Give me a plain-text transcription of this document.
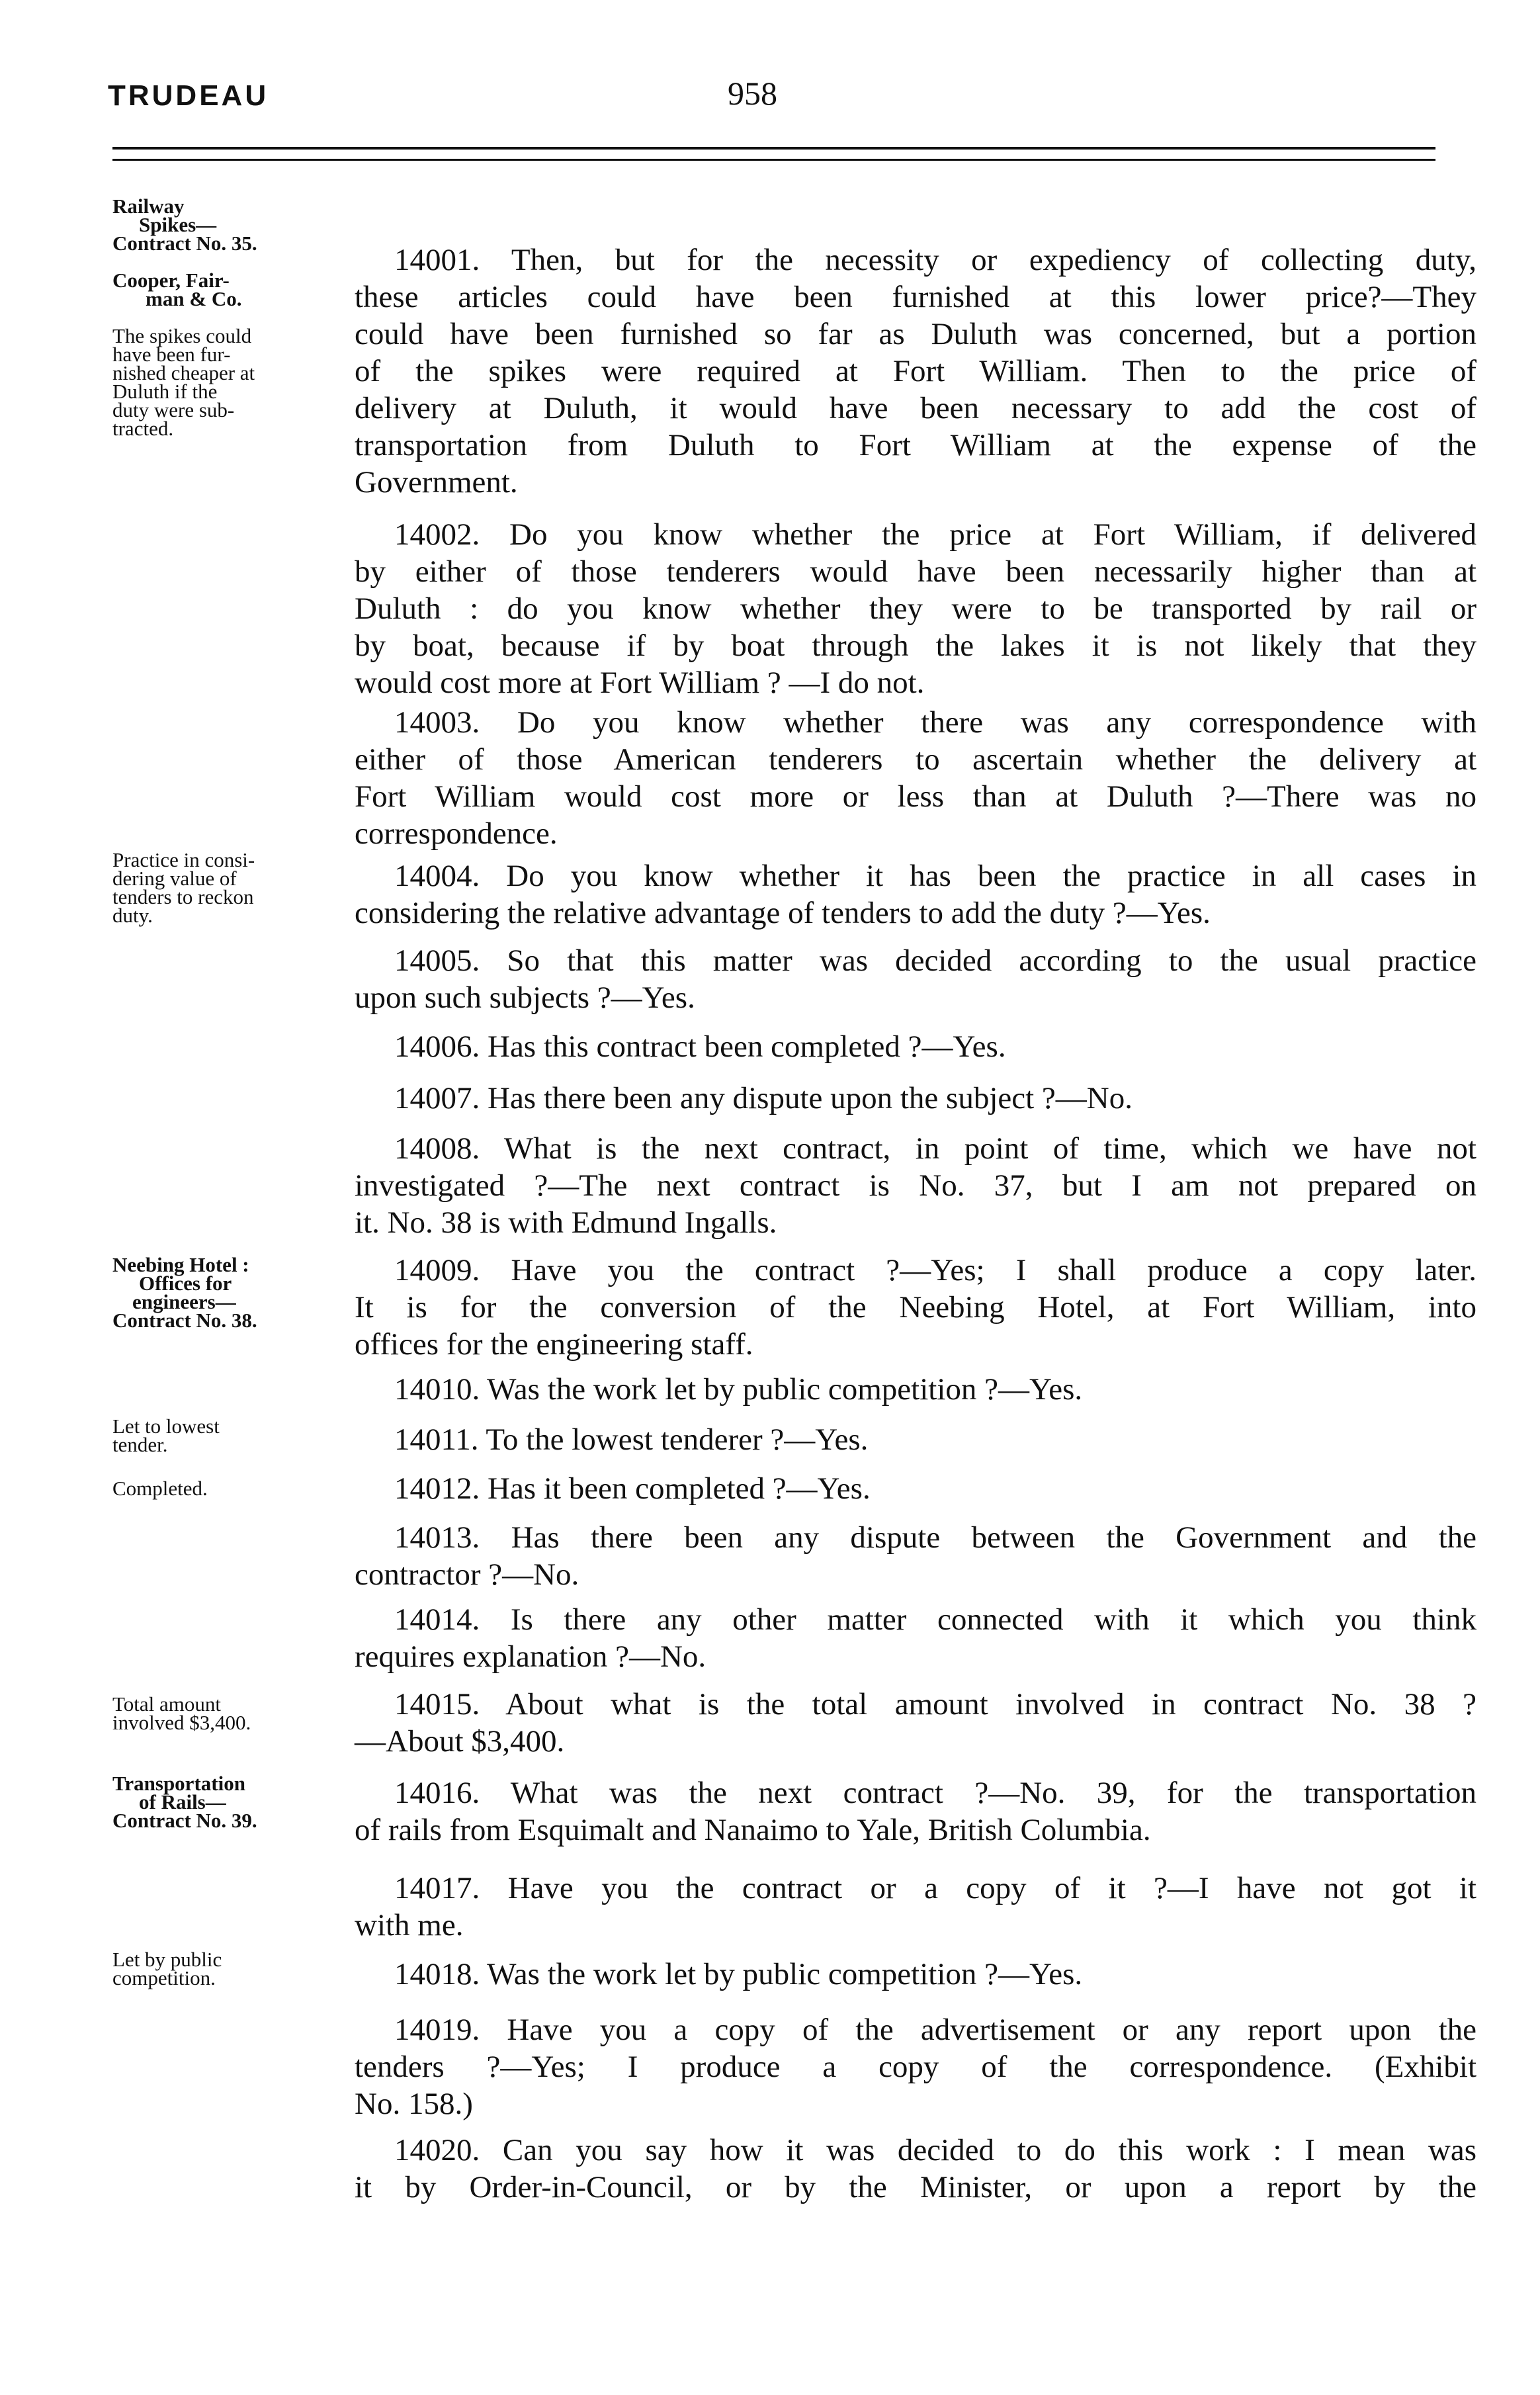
TRUDEAU	958
Railway
Spikes—
Contract No. 35.
Cooper, Fair-
man & Co.
The spikes could
have been fur-
nished cheaper at
Duluth if the
duty were sub-
tracted.
Practice in consi-
dering value of
tenders to reckon
duty.
Neebing Hotel :
Offices for
engineers—
Contract No. 38.
Let to lowest
tender.
Completed.
Total amount
involved $3,400.
Transportation
of Rails—
Contract No. 39.
Let by public
competition.
14001. Then, but for the necessity or expediency of collecting duty,
these articles could have been furnished at this lower price?—They
could have been furnished so far as Duluth was concerned, but a portion
of the spikes were required at Fort William. Then to the price of
delivery at Duluth, it would have been necessary to add the cost of
transportation from Duluth to Fort William at the expense of the
Government.
14002. Do you know whether the price at Fort William, if delivered
by either of those tenderers would have been necessarily higher than at
Duluth : do you know whether they were to be transported by rail or
by boat, because if by boat through the lakes it is not likely that they
would cost more at Fort William ? —I do not.
14003. Do you know whether there was any correspondence with
either of those American tenderers to ascertain whether the delivery at
Fort William would cost more or less than at Duluth ?—There was no
correspondence.
14004. Do you know whether it has been the practice in all cases in
considering the relative advantage of tenders to add the duty ?—Yes.
14005. So that this matter was decided according to the usual practice
upon such subjects ?—Yes.
14006. Has this contract been completed ?—Yes.
14007. Has there been any dispute upon the subject ?—No.
14008. What is the next contract, in point of time, which we have not
investigated ?—The next contract is No. 37, but I am not prepared on
it. No. 38 is with Edmund Ingalls.
14009. Have you the contract ?—Yes; I shall produce a copy later.
It is for the conversion of the Neebing Hotel, at Fort William, into
offices for the engineering staff.
14010. Was the work let by public competition ?—Yes.
14011. To the lowest tenderer ?—Yes.
14012. Has it been completed ?—Yes.
14013. Has there been any dispute between the Government and the
contractor ?—No.
14014. Is there any other matter connected with it which you think
requires explanation ?—No.
14015. About what is the total amount involved in contract No. 38 ?
—About $3,400.
14016. What was the next contract ?—No. 39, for the transportation
of rails from Esquimalt and Nanaimo to Yale, British Columbia.
14017. Have you the contract or a copy of it ?—I have not got it
with me.
14018. Was the work let by public competition ?—Yes.
14019. Have you a copy of the advertisement or any report upon the
tenders ?—Yes; I produce a copy of the correspondence. (Exhibit
No. 158.)
14020. Can you say how it was decided to do this work : I mean was
it by Order-in-Council, or by the Minister, or upon a report by the
